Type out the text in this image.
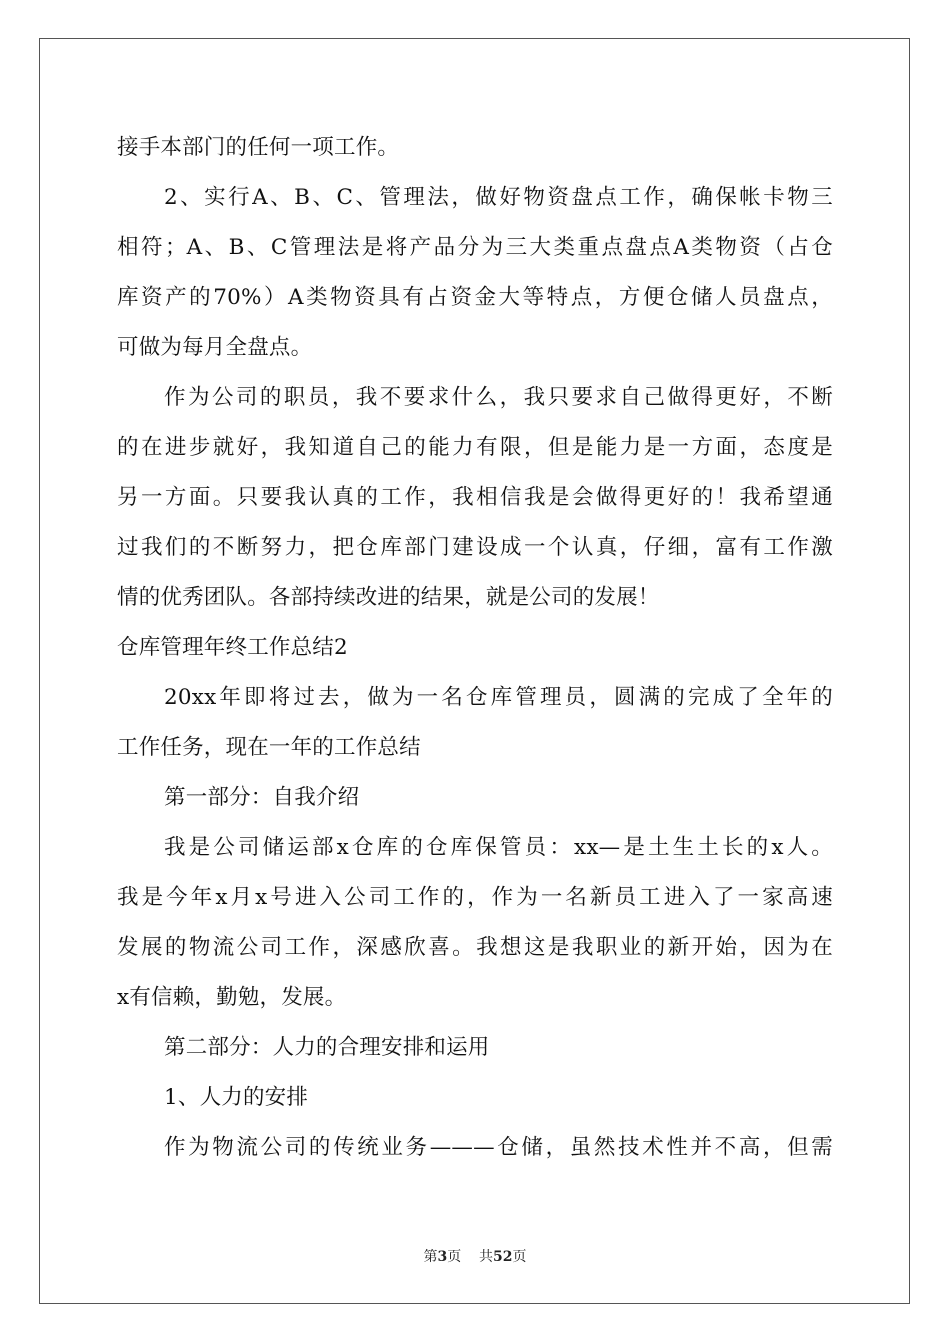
接手本部门的任何一项工作。
2、实行A、B、C、管理法，做好物资盘点工作，确保帐卡物三
相符；A、B、C管理法是将产品分为三大类重点盘点A类物资（占仓
库资产的70%）A类物资具有占资金大等特点，方便仓储人员盘点，
可做为每月全盘点。
作为公司的职员，我不要求什么，我只要求自己做得更好，不断
的在进步就好，我知道自己的能力有限，但是能力是一方面，态度是
另一方面。只要我认真的工作，我相信我是会做得更好的！我希望通
过我们的不断努力，把仓库部门建设成一个认真，仔细，富有工作激
情的优秀团队。各部持续改进的结果，就是公司的发展！
仓库管理年终工作总结2
20xx年即将过去，做为一名仓库管理员，圆满的完成了全年的
工作任务，现在一年的工作总结
第一部分：自我介绍
我是公司储运部x仓库的仓库保管员：xx—是土生土长的x人。
我是今年x月x号进入公司工作的，作为一名新员工进入了一家高速
发展的物流公司工作，深感欣喜。我想这是我职业的新开始，因为在
x有信赖，勤勉，发展。
第二部分：人力的合理安排和运用
1、人力的安排
作为物流公司的传统业务———仓储，虽然技术性并不高，但需
第3页    共52页
